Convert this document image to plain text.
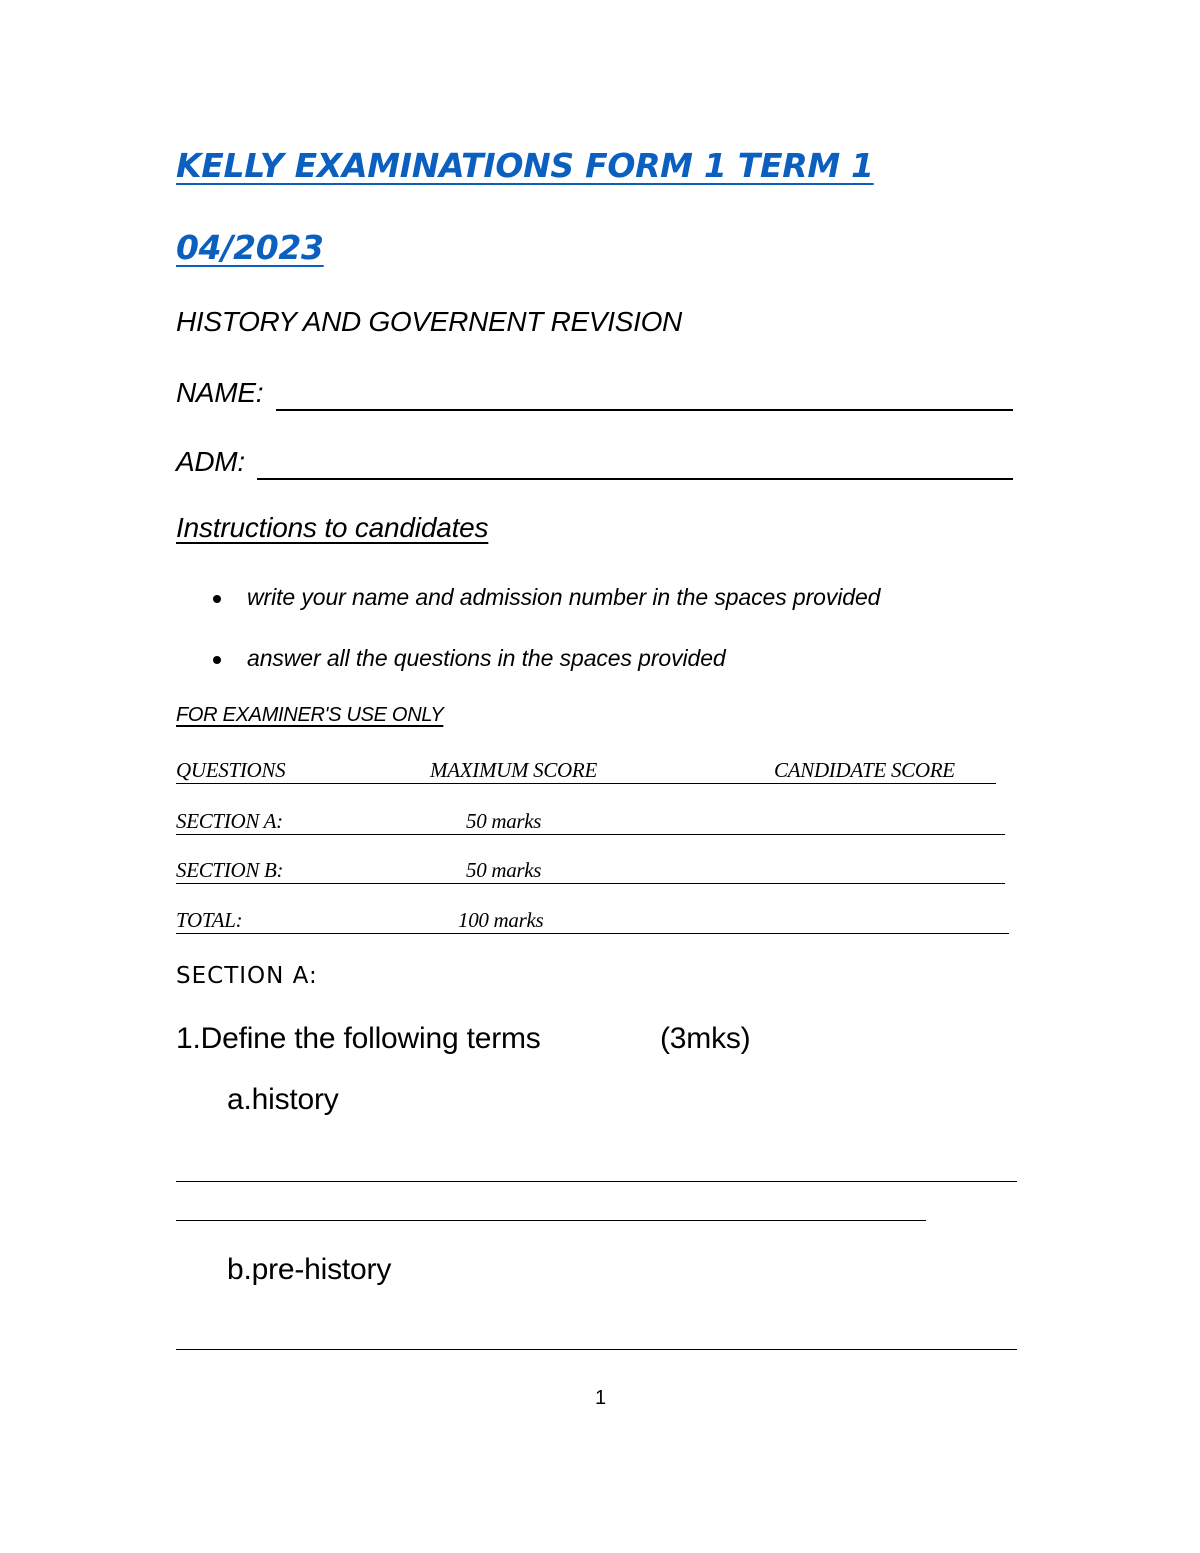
KELLY EXAMINATIONS FORM 1 TERM 1
04/2023
HISTORY AND GOVERNENT REVISION
NAME:
ADM:
Instructions to candidates
write your name and admission number in the spaces provided
answer all the questions in the spaces provided
FOR EXAMINER'S USE ONLY
QUESTIONS	MAXIMUM SCORE	CANDIDATE SCORE
SECTION A:	50 marks
SECTION B:	50 marks
TOTAL:	100 marks
SECTION A:
1.Define the following terms	(3mks)
a.history
b.pre-history
1
